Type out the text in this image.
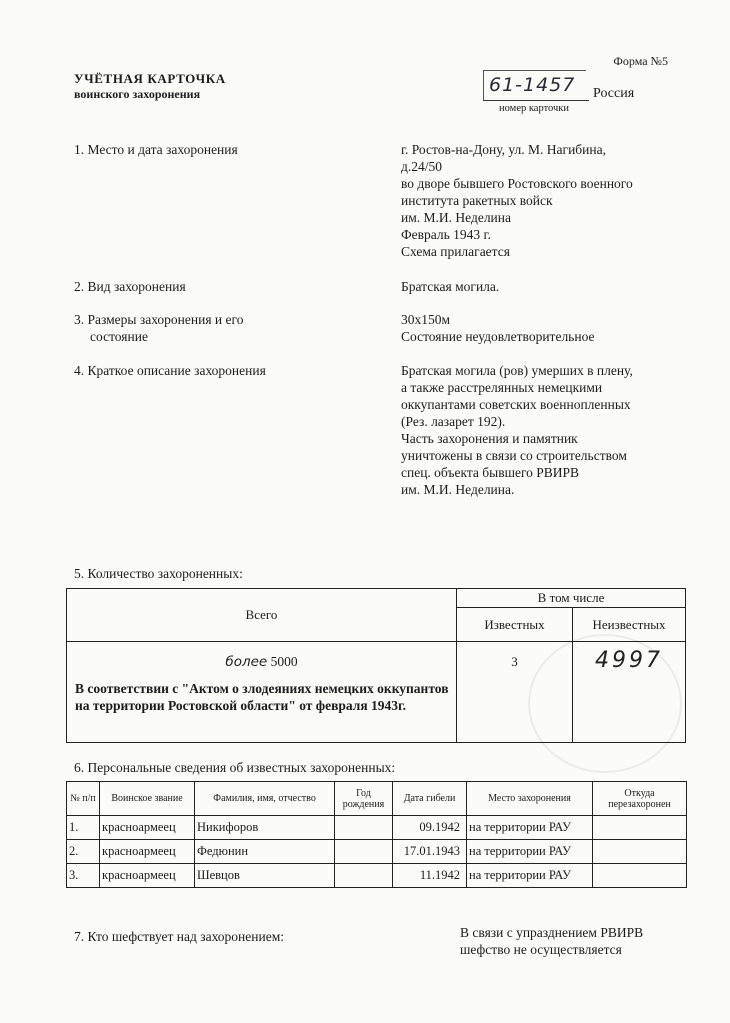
Форма №5
УЧЁТНАЯ КАРТОЧКА
воинского захоронения	61-1457
номер карточки
Россия
1. Место и дата захоронения	г. Ростов-на-Дону, ул. М. Нагибина,
д.24/50
во дворе бывшего Ростовского военного
института ракетных войск
им. М.И. Неделина
Февраль 1943 г.
Схема прилагается
2. Вид захоронения	Братская могила.
3. Размеры захоронения и его
состояние
30x150м
Состояние неудовлетворительное
4. Краткое описание захоронения	Братская могила (ров) умерших в плену,
а также расстрелянных немецкими
оккупантами советских военнопленных
(Рез. лазарет 192).
Часть захоронения и памятник
уничтожены в связи со строительством
спец. объекта бывшего РВИРВ
им. М.И. Неделина.
5. Количество захороненных:
Всего	В том числе	
	Известных	Неизвестных

более 5000
В соответствии с "Актом о злодеяниях немецких оккупантов на территории Ростовской области" от февраля 1943г.	3	4997
6. Персональные сведения об известных захороненных:
№ п/п	Воинское звание	Фамилия, имя, отчество	Год рождения	Дата гибели	Место захоронения	Откуда перезахоронен
1.	красноармеец	Никифоров		09.1942	на территории РАУ	
2.	красноармеец	Федюнин		17.01.1943	на территории РАУ	
3.	красноармеец	Шевцов		11.1942	на территории РАУ	
7. Кто шефствует над захоронением:	В связи с упразднением РВИРВ
шефство не осуществляется
